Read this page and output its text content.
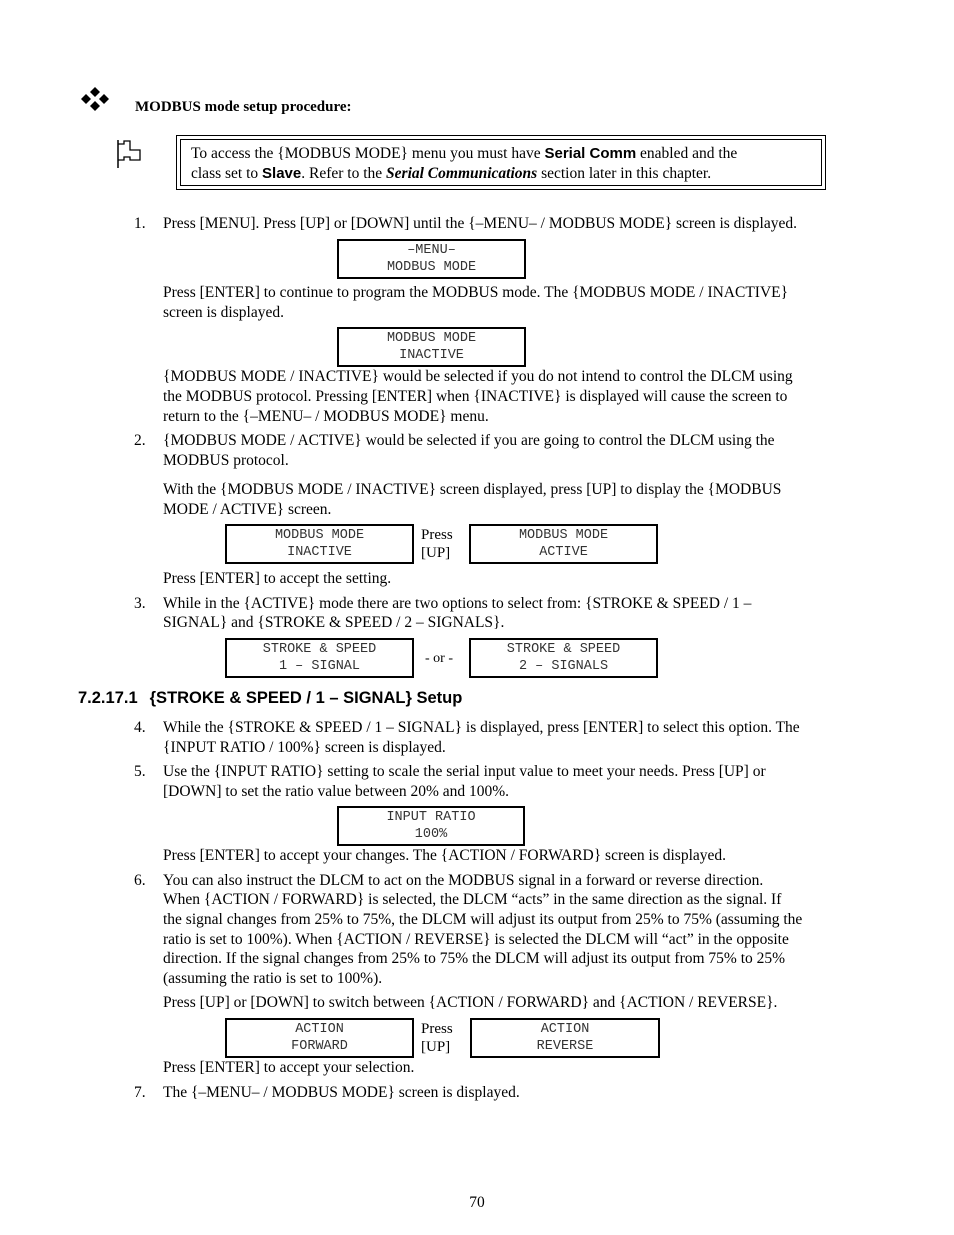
MODBUS mode setup procedure:
To access the {MODBUS MODE} menu you must have Serial Comm enabled and the
class set to Slave. Refer to the Serial Communications section later in this chapter.
1. Press [MENU]. Press [UP] or [DOWN] until the {–MENU– / MODBUS MODE} screen is displayed.
–MENU–
MODBUS MODE
Press [ENTER] to continue to program the MODBUS mode. The {MODBUS MODE / INACTIVE}
screen is displayed.
MODBUS MODE
INACTIVE
{MODBUS MODE / INACTIVE} would be selected if you do not intend to control the DLCM using
the MODBUS protocol. Pressing [ENTER] when {INACTIVE} is displayed will cause the screen to
return to the {–MENU– / MODBUS MODE} menu.
2. {MODBUS MODE / ACTIVE} would be selected if you are going to control the DLCM using the
MODBUS protocol.
With the {MODBUS MODE / INACTIVE} screen displayed, press [UP] to display the {MODBUS
MODE / ACTIVE} screen.
MODBUS MODE
INACTIVE
Press
[UP]
MODBUS MODE
ACTIVE
Press [ENTER] to accept the setting.
3. While in the {ACTIVE} mode there are two options to select from: {STROKE & SPEED / 1 –
SIGNAL} and {STROKE & SPEED / 2 – SIGNALS}.
STROKE & SPEED
1 – SIGNAL
- or -
STROKE & SPEED
2 – SIGNALS
7.2.17.1 {STROKE & SPEED / 1 – SIGNAL} Setup
4. While the {STROKE & SPEED / 1 – SIGNAL} is displayed, press [ENTER] to select this option. The
{INPUT RATIO / 100%} screen is displayed.
5. Use the {INPUT RATIO} setting to scale the serial input value to meet your needs. Press [UP] or
[DOWN] to set the ratio value between 20% and 100%.
INPUT RATIO
100%
Press [ENTER] to accept your changes. The {ACTION / FORWARD} screen is displayed.
6. You can also instruct the DLCM to act on the MODBUS signal in a forward or reverse direction.
When {ACTION / FORWARD} is selected, the DLCM “acts” in the same direction as the signal. If
the signal changes from 25% to 75%, the DLCM will adjust its output from 25% to 75% (assuming the
ratio is set to 100%). When {ACTION / REVERSE} is selected the DLCM will “act” in the opposite
direction. If the signal changes from 25% to 75% the DLCM will adjust its output from 75% to 25%
(assuming the ratio is set to 100%).
Press [UP] or [DOWN] to switch between {ACTION / FORWARD} and {ACTION / REVERSE}.
ACTION
FORWARD
Press
[UP]
ACTION
REVERSE
Press [ENTER] to accept your selection.
7. The {–MENU– / MODBUS MODE} screen is displayed.
70
